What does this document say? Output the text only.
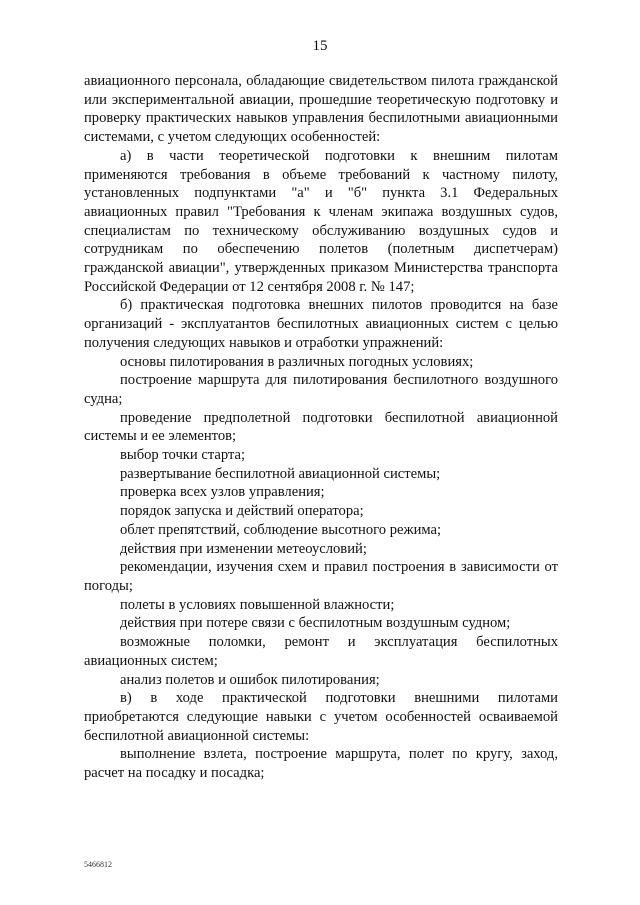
15

авиационного персонала, обладающие свидетельством пилота гражданской

или экспериментальной авиации, прошедшие теоретическую подготовку и

проверку практических навыков управления беспилотными авиационными

системами, с учетом следующих особенностей:

а) в части теоретической подготовки к внешним пилотам

применяются требования в объеме требований к частному пилоту,

установленных подпунктами "а" и "б" пункта 3.1 Федеральных

авиационных правил "Требования к членам экипажа воздушных судов,

специалистам по техническому обслуживанию воздушных судов и

сотрудникам по обеспечению полетов (полетным диспетчерам)

гражданской авиации", утвержденных приказом Министерства транспорта

Российской Федерации от 12 сентября 2008 г. № 147;

б) практическая подготовка внешних пилотов проводится на базе

организаций - эксплуатантов беспилотных авиационных систем с целью

получения следующих навыков и отработки упражнений:

основы пилотирования в различных погодных условиях;

построение маршрута для пилотирования беспилотного воздушного

судна;

проведение предполетной подготовки беспилотной авиационной

системы и ее элементов;

выбор точки старта;

развертывание беспилотной авиационной системы;

проверка всех узлов управления;

порядок запуска и действий оператора;

облет препятствий, соблюдение высотного режима;

действия при изменении метеоусловий;

рекомендации, изучения схем и правил построения в зависимости от

погоды;

полеты в условиях повышенной влажности;

действия при потере связи с беспилотным воздушным судном;

возможные поломки, ремонт и эксплуатация беспилотных

авиационных систем;

анализ полетов и ошибок пилотирования;

в) в ходе практической подготовки внешними пилотами

приобретаются следующие навыки с учетом особенностей осваиваемой

беспилотной авиационной системы:

выполнение взлета, построение маршрута, полет по кругу, заход,

расчет на посадку и посадка;

5466812
